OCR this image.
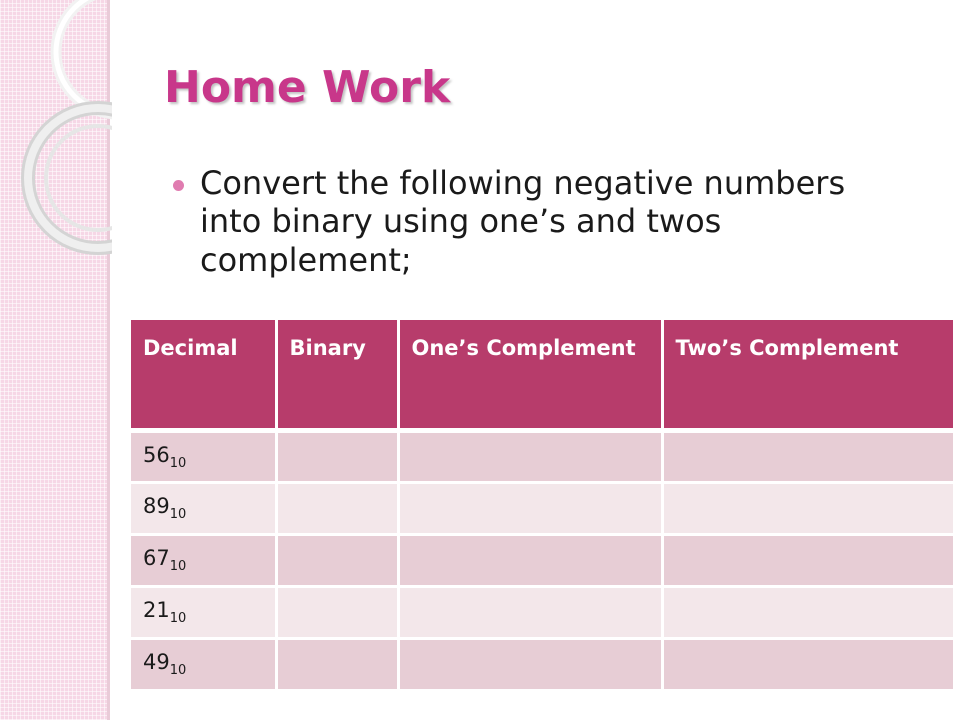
Home Work

Convert the following negative numbers into binary using one’s and twos complement;

Decimal	Binary	One’s Complement	Two’s Complement
$56_{10}$			
$89_{10}$			
$67_{10}$			
$21_{10}$			
$49_{10}$			
